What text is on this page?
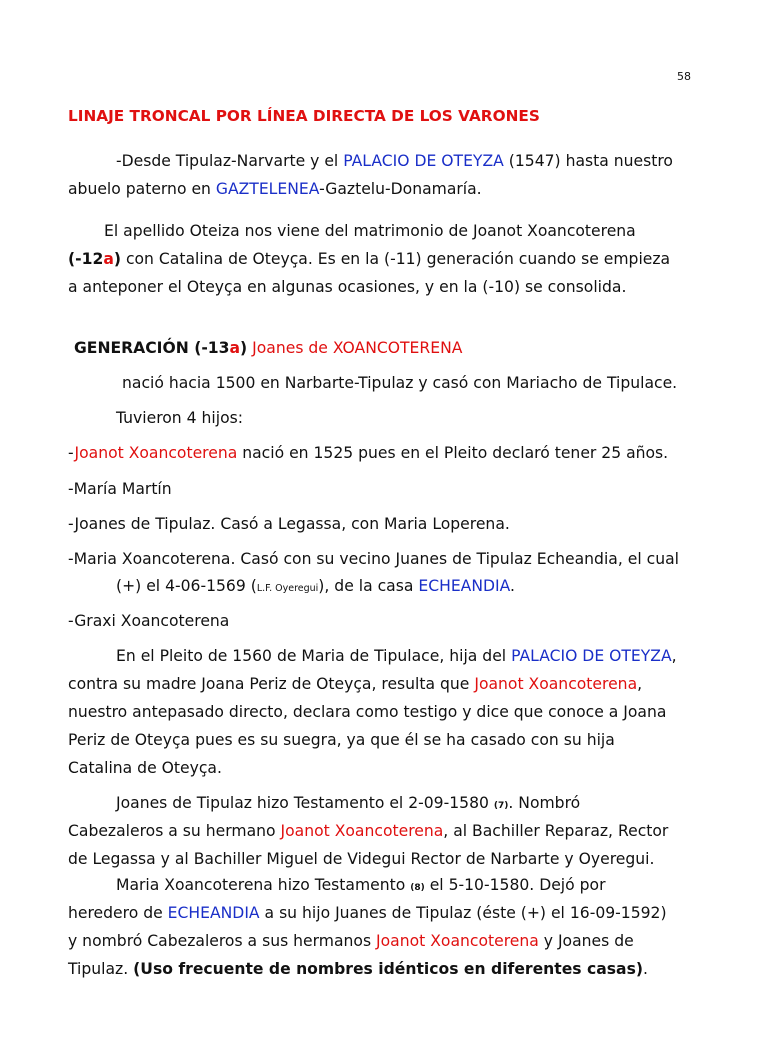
58
LINAJE TRONCAL POR LÍNEA DIRECTA DE LOS VARONES
-Desde Tipulaz-Narvarte y el PALACIO DE OTEYZA (1547) hasta nuestro
abuelo paterno en GAZTELENEA-Gaztelu-Donamaría.
El apellido Oteiza nos viene del matrimonio de Joanot Xoancoterena
(-12a) con Catalina de Oteyça. Es en la (-11) generación cuando se empieza
a anteponer el Oteyça en algunas ocasiones, y en la (-10) se consolida.
GENERACIÓN (-13a) Joanes de XOANCOTERENA
nació hacia 1500 en Narbarte-Tipulaz y casó con Mariacho de Tipulace.
Tuvieron 4 hijos:
-Joanot Xoancoterena nació en 1525 pues en el Pleito declaró tener 25 años.
-María Martín
-Joanes de Tipulaz. Casó a Legassa, con Maria Loperena.
-Maria Xoancoterena. Casó con su vecino Juanes de Tipulaz Echeandia, el cual
(+) el 4-06-1569 (L.F. Oyeregui), de la casa ECHEANDIA.
-Graxi Xoancoterena
En el Pleito de 1560 de Maria de Tipulace, hija del PALACIO DE OTEYZA,
contra su madre Joana Periz de Oteyça, resulta que Joanot Xoancoterena,
nuestro antepasado directo, declara como testigo y dice que conoce a Joana
Periz de Oteyça pues es su suegra, ya que él se ha casado con su hija
Catalina de Oteyça.
Joanes de Tipulaz hizo Testamento el 2-09-1580 (7). Nombró
Cabezaleros a su hermano Joanot Xoancoterena, al Bachiller Reparaz, Rector
de Legassa y al Bachiller Miguel de Videgui Rector de Narbarte y Oyeregui.
Maria Xoancoterena hizo Testamento (8) el 5-10-1580. Dejó por
heredero de ECHEANDIA a su hijo Juanes de Tipulaz (éste (+) el 16-09-1592)
y nombró Cabezaleros a sus hermanos Joanot Xoancoterena y Joanes de
Tipulaz. (Uso frecuente de nombres idénticos en diferentes casas).
